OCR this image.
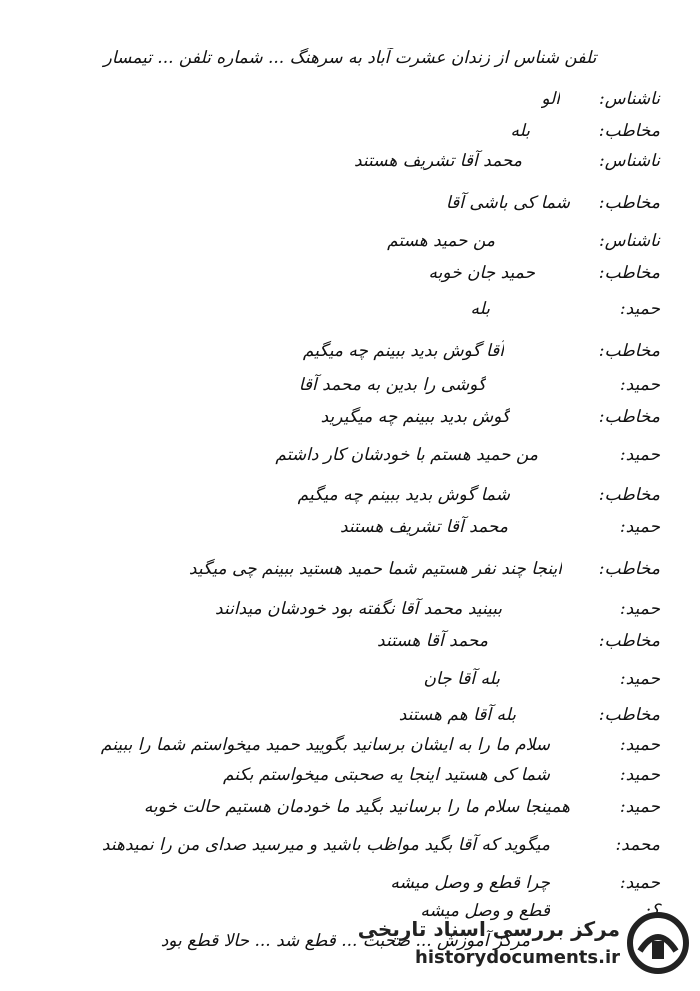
تلفن شناس از زندان عشرت آباد به سرهنگ ... شماره تلفن ... تیمسار
ناشناس:
الو
مخاطب:
بله
ناشناس:
محمد آقا تشریف هستند
مخاطب:
شما کی باشی آقا
ناشناس:
من حمید هستم
مخاطب:
حمید جان خوبه
حمید:
بله
مخاطب:
آقا گوش بدید ببینم چه میگیم
حمید:
گوشی را بدین به محمد آقا
مخاطب:
گوش بدید ببینم چه میگیرید
حمید:
من حمید هستم با خودشان کار داشتم
مخاطب:
شما گوش بدید ببینم چه میگیم
حمید:
محمد آقا تشریف هستند
مخاطب:
اینجا چند نفر هستیم شما حمید هستید ببینم چی میگید
حمید:
ببینید محمد آقا نگفته بود خودشان میدانند
مخاطب:
محمد آقا هستند
حمید:
بله آقا جان
مخاطب:
بله آقا هم هستند
حمید:
سلام ما را به ایشان برسانید بگویید حمید میخواستم شما را ببینم
حمید:
شما کی هستید اینجا یه صحبتی میخواستم بکنم
حمید:
همینجا سلام ما را برسانید بگید ما خودمان هستیم حالت خوبه
محمد:
میگوید که آقا بگید مواظب باشید و میرسید صدای من را نمیدهند
حمید:
چرا قطع و وصل میشه
؟:
قطع و وصل میشه
مرکز آموزش ... صحبت ... قطع شد ... حالا قطع بود
مرکز بررسی اسناد تاریخی
historydocuments.ir
